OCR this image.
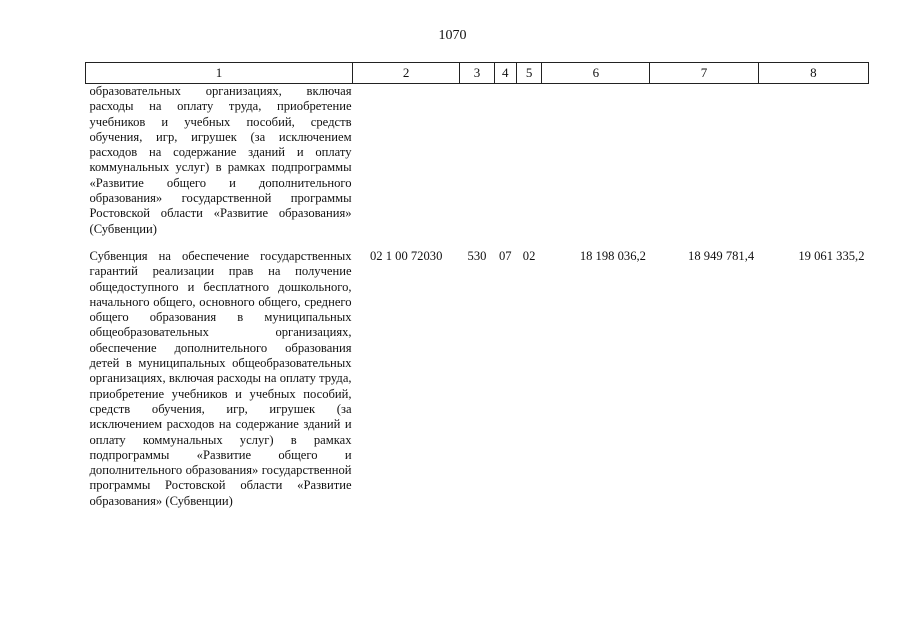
1070
1	2	3	4	5	6	7	8
образовательных организациях, включая расходы на оплату труда, приобретение учебников и учебных пособий, средств обучения, игр, игрушек (за исключением расходов на содержание зданий и оплату коммунальных услуг) в рамках подпрограммы «Развитие общего и дополнительного образования» государственной программы Ростовской области «Развитие образования» (Субвенции)							
Субвенция на обеспечение государственных гарантий реализации прав на получение общедоступного и бесплатного дошкольного, начального общего, основного общего, среднего общего образования в муниципальных общеобразовательных организациях, обеспечение дополнительного образования детей в муниципальных общеобразовательных организациях, включая расходы на оплату труда, приобретение учебников и учебных пособий, средств обучения, игр, игрушек (за исключением расходов на содержание зданий и оплату коммунальных услуг) в рамках подпрограммы «Развитие общего и дополнительного образования» государственной программы Ростовской области «Развитие образования» (Субвенции)	02 1 00 72030	530	07	02	18 198 036,2	18 949 781,4	19 061 335,2
